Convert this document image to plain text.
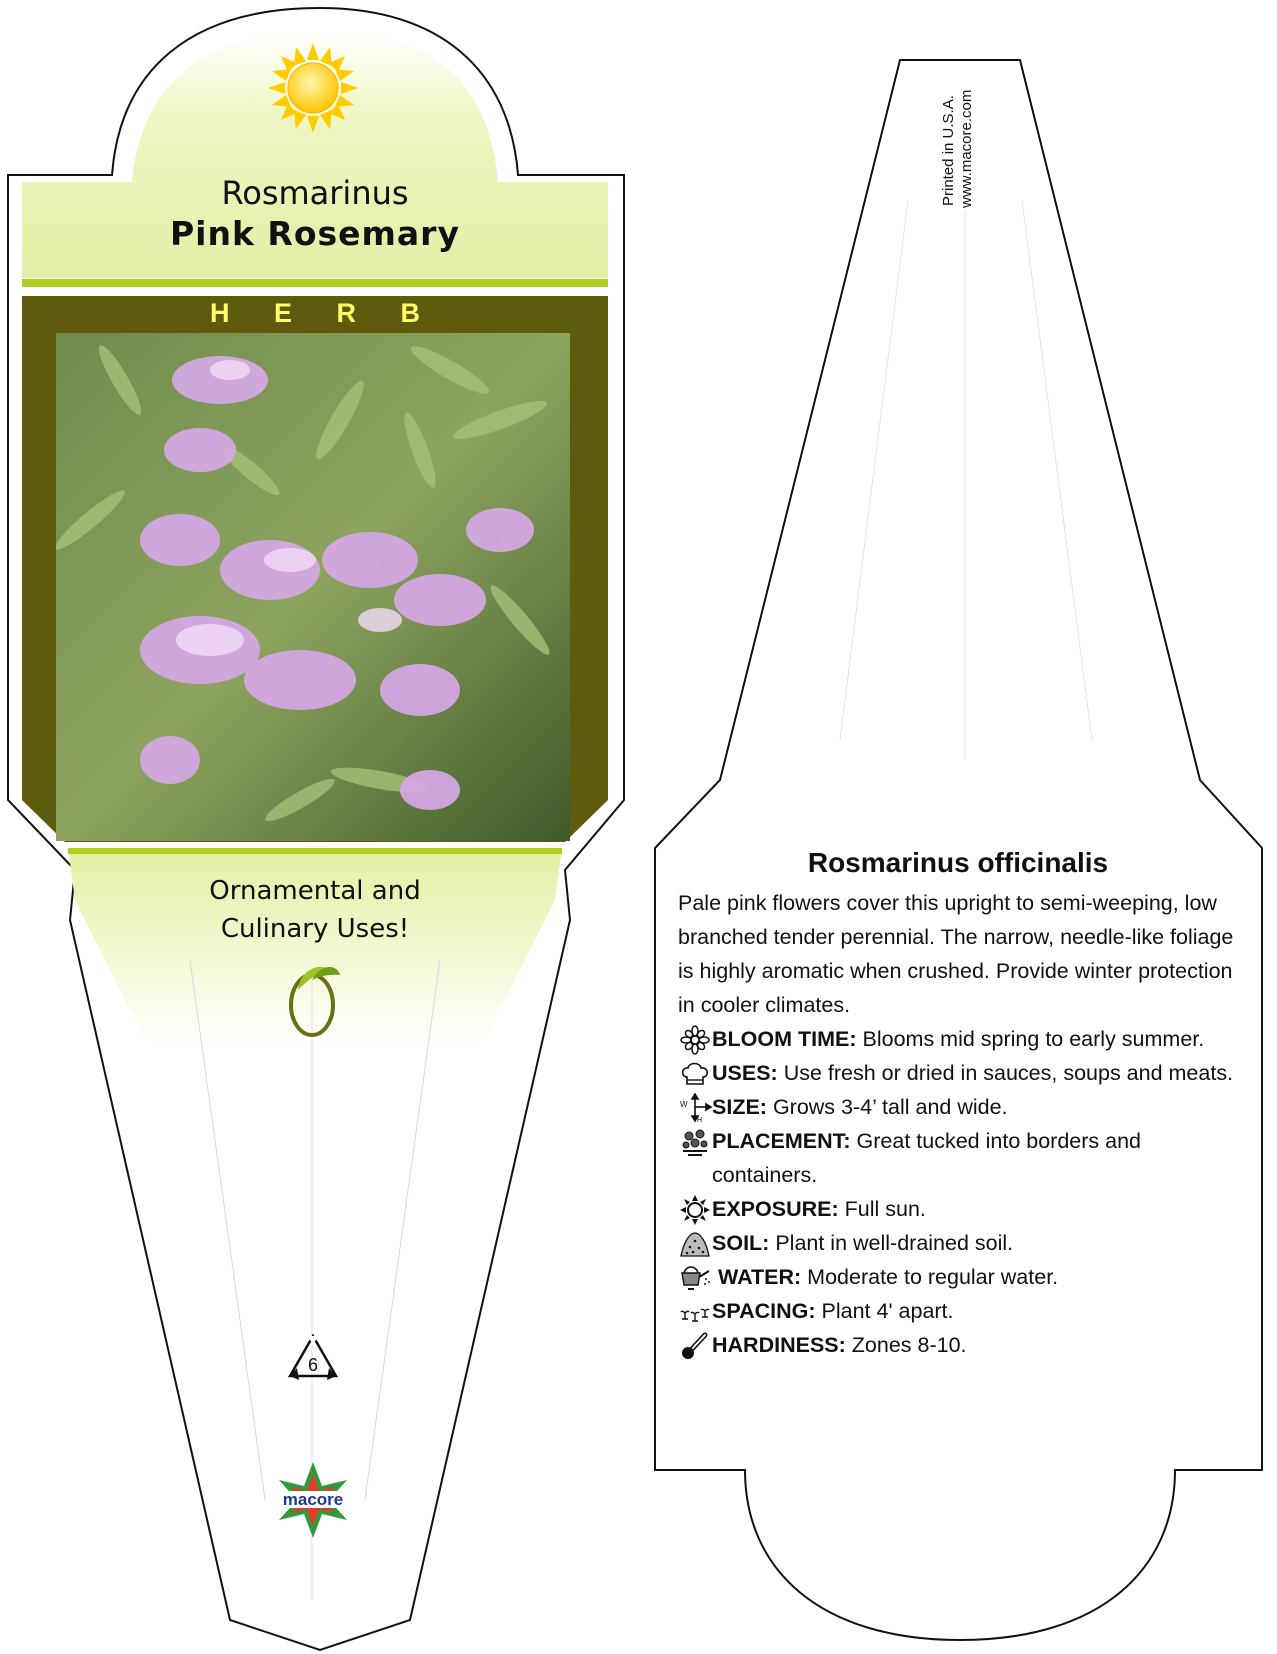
Rosmarinus
Pink Rosemary
H E R B
Ornamental and
Culinary Uses!
6
macore
Printed in U.S.A. www.macore.com
Rosmarinus officinalis

Pale pink flowers cover this upright to semi-weeping, low branched tender perennial. The narrow, needle-like foliage is highly aromatic when crushed. Provide winter protection in cooler climates.

BLOOM TIME: Blooms mid spring to early summer.
USES: Use fresh or dried in sauces, soups and meats.
W
H
SIZE: Grows 3-4’ tall and wide.
PLACEMENT: Great tucked into borders and containers.
EXPOSURE: Full sun.
SOIL: Plant in well-drained soil.
WATER: Moderate to regular water.
SPACING: Plant 4' apart.
HARDINESS: Zones 8-10.
